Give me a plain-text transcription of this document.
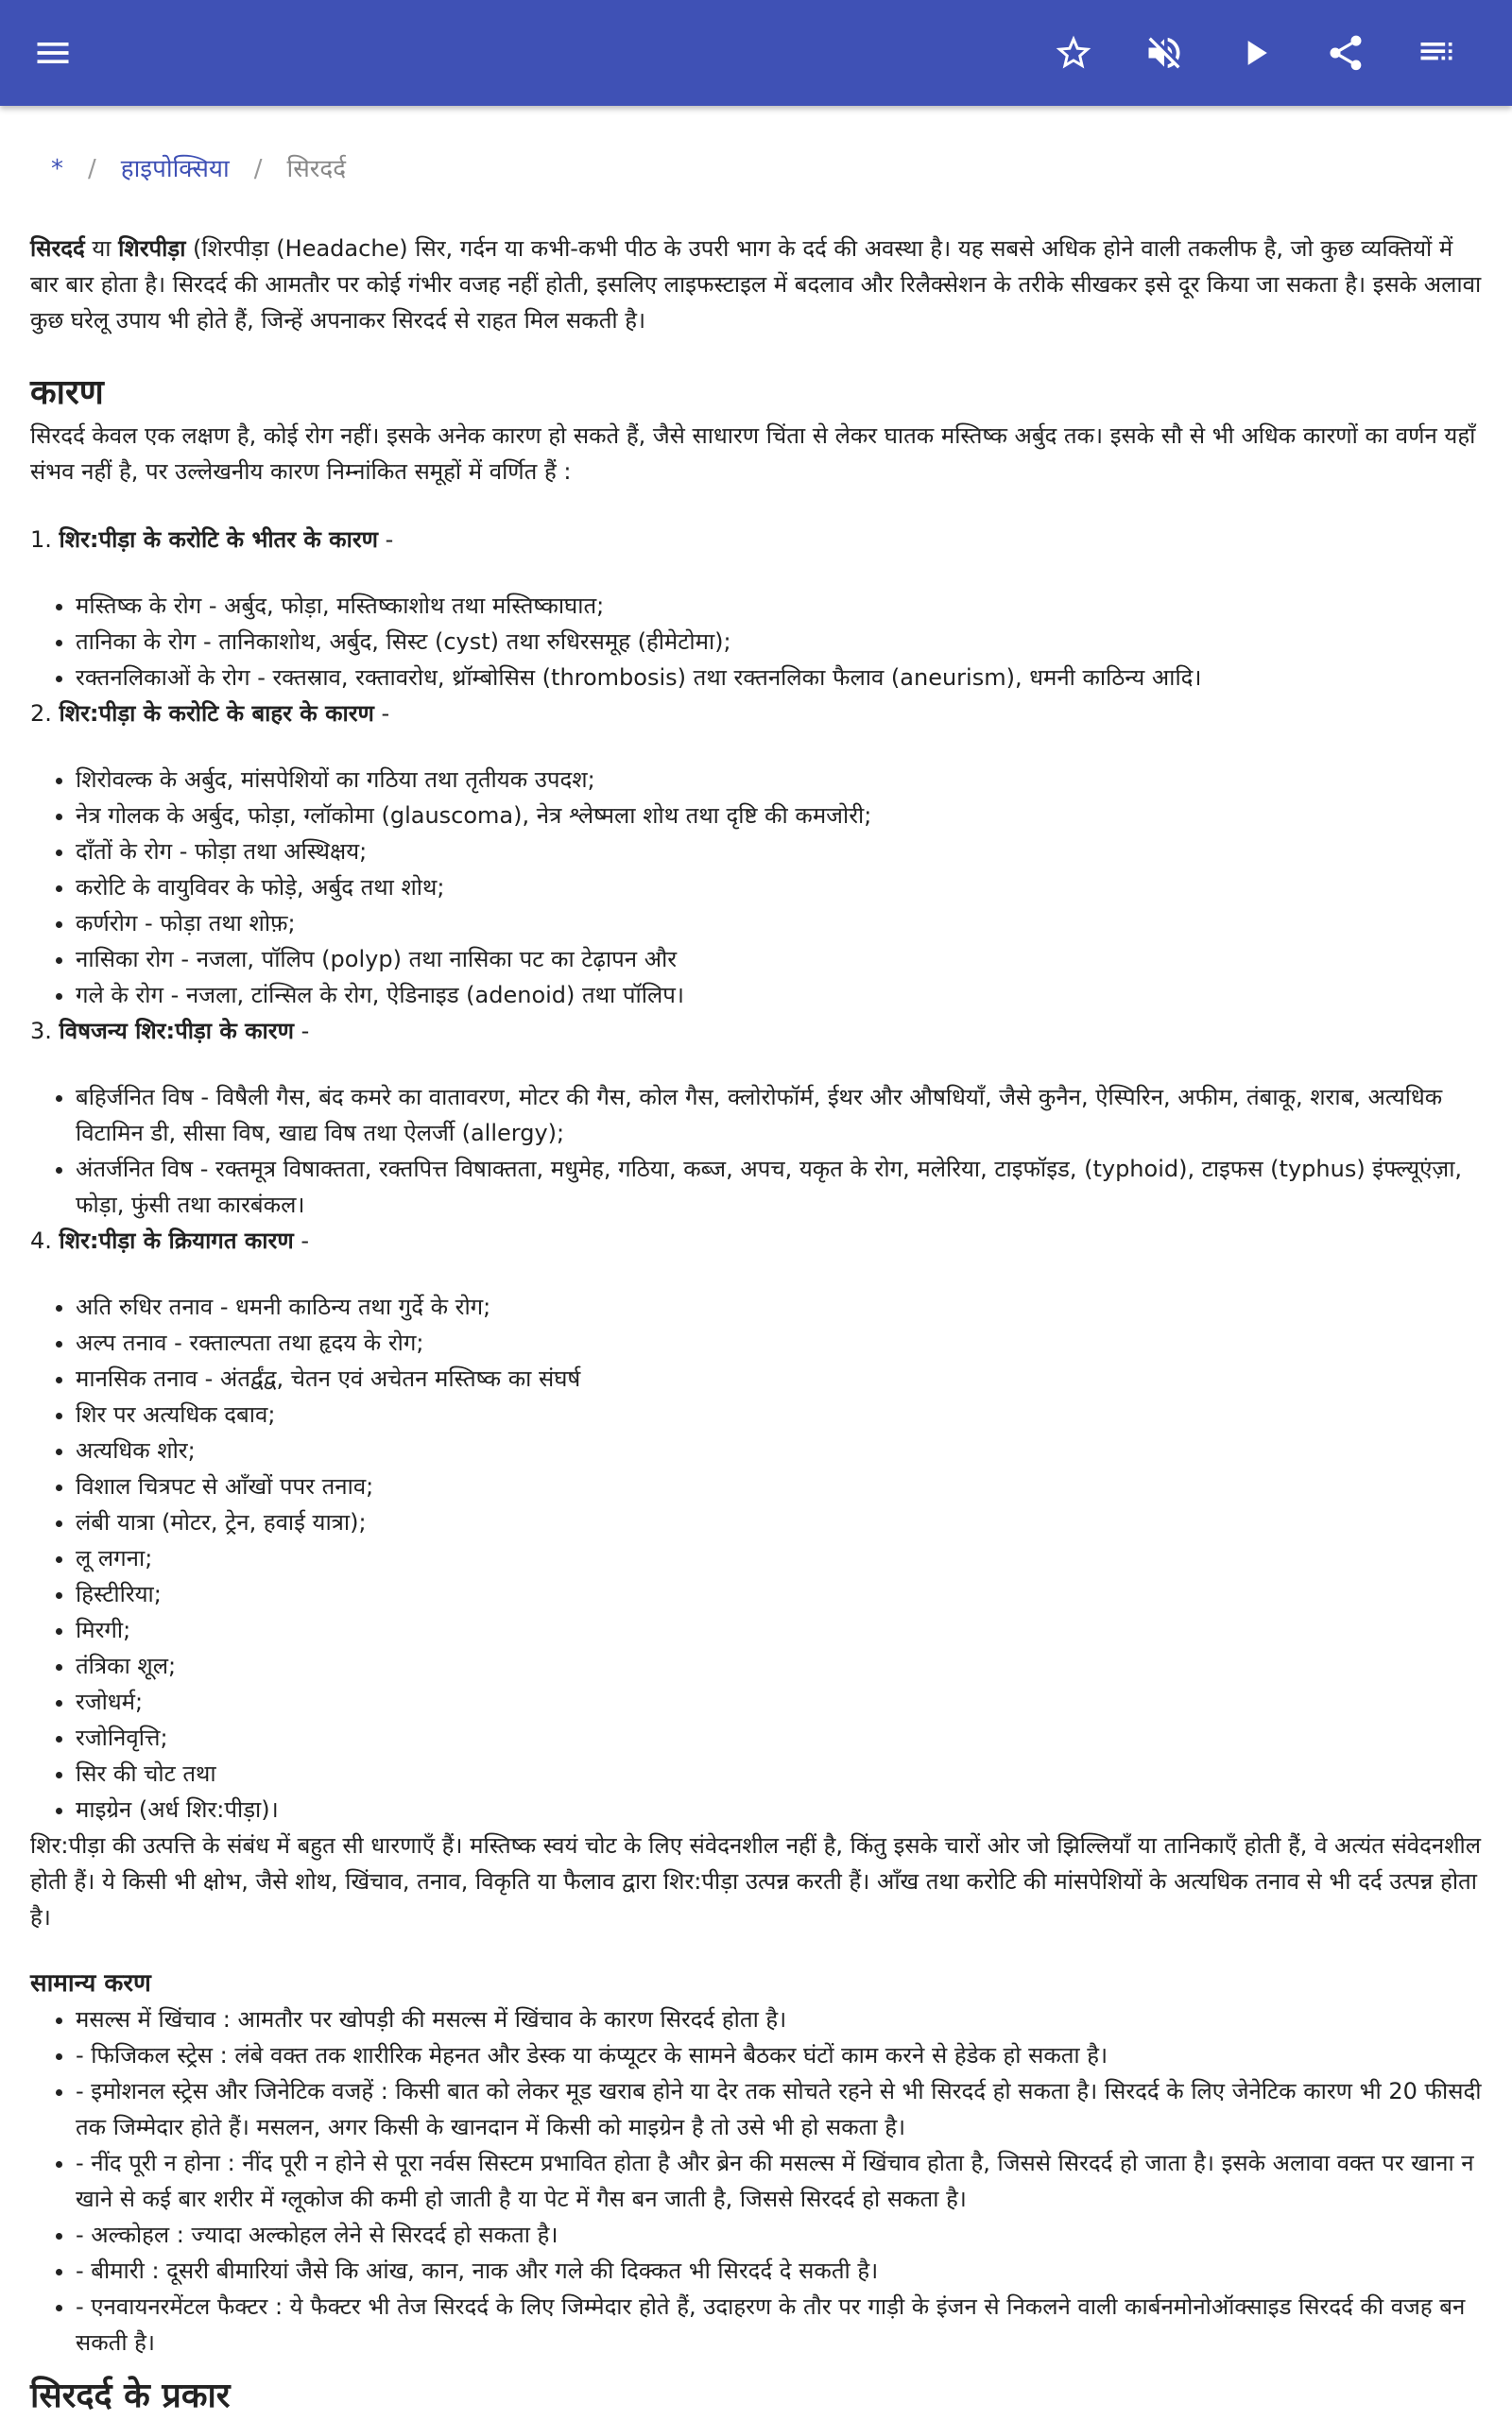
* / हाइपोक्सिया / सिरदर्द

सिरदर्द या शिरपीड़ा (शिरपीड़ा (Headache) सिर, गर्दन या कभी-कभी पीठ के उपरी भाग के दर्द की अवस्था है। यह सबसे अधिक होने वाली तकलीफ है, जो कुछ व्यक्तियों में बार बार होता है। सिरदर्द की आमतौर पर कोई गंभीर वजह नहीं होती, इसलिए लाइफस्टाइल में बदलाव और रिलैक्सेशन के तरीके सीखकर इसे दूर किया जा सकता है। इसके अलावा कुछ घरेलू उपाय भी होते हैं, जिन्हें अपनाकर सिरदर्द से राहत मिल सकती है।

कारण

सिरदर्द केवल एक लक्षण है, कोई रोग नहीं। इसके अनेक कारण हो सकते हैं, जैसे साधारण चिंता से लेकर घातक मस्तिष्क अर्बुद तक। इसके सौ से भी अधिक कारणों का वर्णन यहाँ संभव नहीं है, पर उल्लेखनीय कारण निम्नांकित समूहों में वर्णित हैं :

1. शिर:पीड़ा के करोटि के भीतर के कारण -

• मस्तिष्क के रोग - अर्बुद, फोड़ा, मस्तिष्काशोथ तथा मस्तिष्काघात;
• तानिका के रोग - तानिकाशोथ, अर्बुद, सिस्ट (cyst) तथा रुधिरसमूह (हीमेटोमा);
• रक्तनलिकाओं के रोग - रक्तस्राव, रक्तावरोध, थ्रॉम्बोसिस (thrombosis) तथा रक्तनलिका फैलाव (aneurism), धमनी काठिन्य आदि।

2. शिर:पीड़ा के करोटि के बाहर के कारण -

• शिरोवल्क के अर्बुद, मांसपेशियों का गठिया तथा तृतीयक उपदश;
• नेत्र गोलक के अर्बुद, फोड़ा, ग्लॉकोमा (glauscoma), नेत्र श्लेष्मला शोथ तथा दृष्टि की कमजोरी;
• दाँतों के रोग - फोड़ा तथा अस्थिक्षय;
• करोटि के वायुविवर के फोड़े, अर्बुद तथा शोथ;
• कर्णरोग - फोड़ा तथा शोफ़;
• नासिका रोग - नजला, पॉलिप (polyp) तथा नासिका पट का टेढ़ापन और
• गले के रोग - नजला, टांन्सिल के रोग, ऐडिनाइड (adenoid) तथा पॉलिप।

3. विषजन्य शिर:पीड़ा के कारण -

• बहिर्जनित विष - विषैली गैस, बंद कमरे का वातावरण, मोटर की गैस, कोल गैस, क्लोरोफॉर्म, ईथर और औषधियाँ, जैसे कुनैन, ऐस्पिरिन, अफीम, तंबाकू, शराब, अत्यधिक विटामिन डी, सीसा विष, खाद्य विष तथा ऐलर्जी (allergy);
• अंतर्जनित विष - रक्तमूत्र विषाक्तता, रक्तपित्त विषाक्तता, मधुमेह, गठिया, कब्ज, अपच, यकृत के रोग, मलेरिया, टाइफॉइड, (typhoid), टाइफस (typhus) इंफ्ल्यूएंज़ा, फोड़ा, फुंसी तथा कारबंकल।

4. शिर:पीड़ा के क्रियागत कारण -

• अति रुधिर तनाव - धमनी काठिन्य तथा गुर्दे के रोग;
• अल्प तनाव - रक्ताल्पता तथा हृदय के रोग;
• मानसिक तनाव - अंतर्द्वंद्व, चेतन एवं अचेतन मस्तिष्क का संघर्ष
• शिर पर अत्यधिक दबाव;
• अत्यधिक शोर;
• विशाल चित्रपट से आँखों पपर तनाव;
• लंबी यात्रा (मोटर, ट्रेन, हवाई यात्रा);
• लू लगना;
• हिस्टीरिया;
• मिरगी;
• तंत्रिका शूल;
• रजोधर्म;
• रजोनिवृत्ति;
• सिर की चोट तथा
• माइग्रेन (अर्ध शिर:पीड़ा)।

शिर:पीड़ा की उत्पत्ति के संबंध में बहुत सी धारणाएँ हैं। मस्तिष्क स्वयं चोट के लिए संवेदनशील नहीं है, किंतु इसके चारों ओर जो झिल्लियाँ या तानिकाएँ होती हैं, वे अत्यंत संवेदनशील होती हैं। ये किसी भी क्षोभ, जैसे शोथ, खिंचाव, तनाव, विकृति या फैलाव द्वारा शिर:पीड़ा उत्पन्न करती हैं। आँख तथा करोटि की मांसपेशियों के अत्यधिक तनाव से भी दर्द उत्पन्न होता है।

सामान्य करण
• मसल्स में खिंचाव : आमतौर पर खोपड़ी की मसल्स में खिंचाव के कारण सिरदर्द होता है।
• - फिजिकल स्ट्रेस : लंबे वक्त तक शारीरिक मेहनत और डेस्क या कंप्यूटर के सामने बैठकर घंटों काम करने से हेडेक हो सकता है।
• - इमोशनल स्ट्रेस और जिनेटिक वजहें : किसी बात को लेकर मूड खराब होने या देर तक सोचते रहने से भी सिरदर्द हो सकता है। सिरदर्द के लिए जेनेटिक कारण भी 20 फीसदी तक जिम्मेदार होते हैं। मसलन, अगर किसी के खानदान में किसी को माइग्रेन है तो उसे भी हो सकता है।
• - नींद पूरी न होना : नींद पूरी न होने से पूरा नर्वस सिस्टम प्रभावित होता है और ब्रेन की मसल्स में खिंचाव होता है, जिससे सिरदर्द हो जाता है। इसके अलावा वक्त पर खाना न खाने से कई बार शरीर में ग्लूकोज की कमी हो जाती है या पेट में गैस बन जाती है, जिससे सिरदर्द हो सकता है।
• - अल्कोहल : ज्यादा अल्कोहल लेने से सिरदर्द हो सकता है।
• - बीमारी : दूसरी बीमारियां जैसे कि आंख, कान, नाक और गले की दिक्कत भी सिरदर्द दे सकती है।
• - एनवायनरमेंटल फैक्टर : ये फैक्टर भी तेज सिरदर्द के लिए जिम्मेदार होते हैं, उदाहरण के तौर पर गाड़ी के इंजन से निकलने वाली कार्बनमोनोऑक्साइड सिरदर्द की वजह बन सकती है।
सिरदर्द के प्रकार
